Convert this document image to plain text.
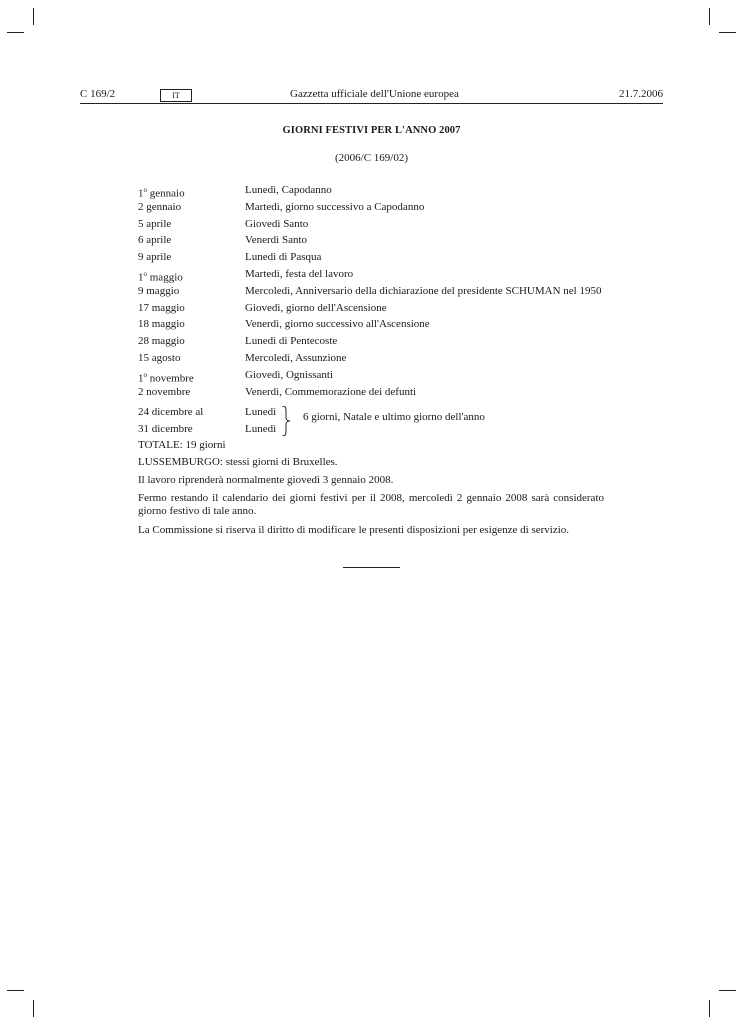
C 169/2	IT	Gazzetta ufficiale dell'Unione europea	21.7.2006
GIORNI FESTIVI PER L'ANNO 2007
(2006/C 169/02)
1$^o$ gennaio	Lunedì, Capodanno
2 gennaio	Martedì, giorno successivo a Capodanno
5 aprile	Giovedì Santo
6 aprile	Venerdì Santo
9 aprile	Lunedì di Pasqua
1$^o$ maggio	Martedì, festa del lavoro
9 maggio	Mercoledì, Anniversario della dichiarazione del presidente SCHUMAN nel 1950
17 maggio	Giovedì, giorno dell'Ascensione
18 maggio	Venerdì, giorno successivo all'Ascensione
28 maggio	Lunedì di Pentecoste
15 agosto	Mercoledì, Assunzione
1$^o$ novembre	Giovedì, Ognissanti
2 novembre	Venerdì, Commemorazione dei defunti
24 dicembre al	Lunedì
31 dicembre	Lunedì
6 giorni, Natale e ultimo giorno dell'anno
TOTALE: 19 giorni
LUSSEMBURGO: stessi giorni di Bruxelles.
Il lavoro riprenderà normalmente giovedì 3 gennaio 2008.
Fermo restando il calendario dei giorni festivi per il 2008, mercoledì 2 gennaio 2008 sarà considerato giorno festivo di tale anno.
La Commissione si riserva il diritto di modificare le presenti disposizioni per esigenze di servizio.
